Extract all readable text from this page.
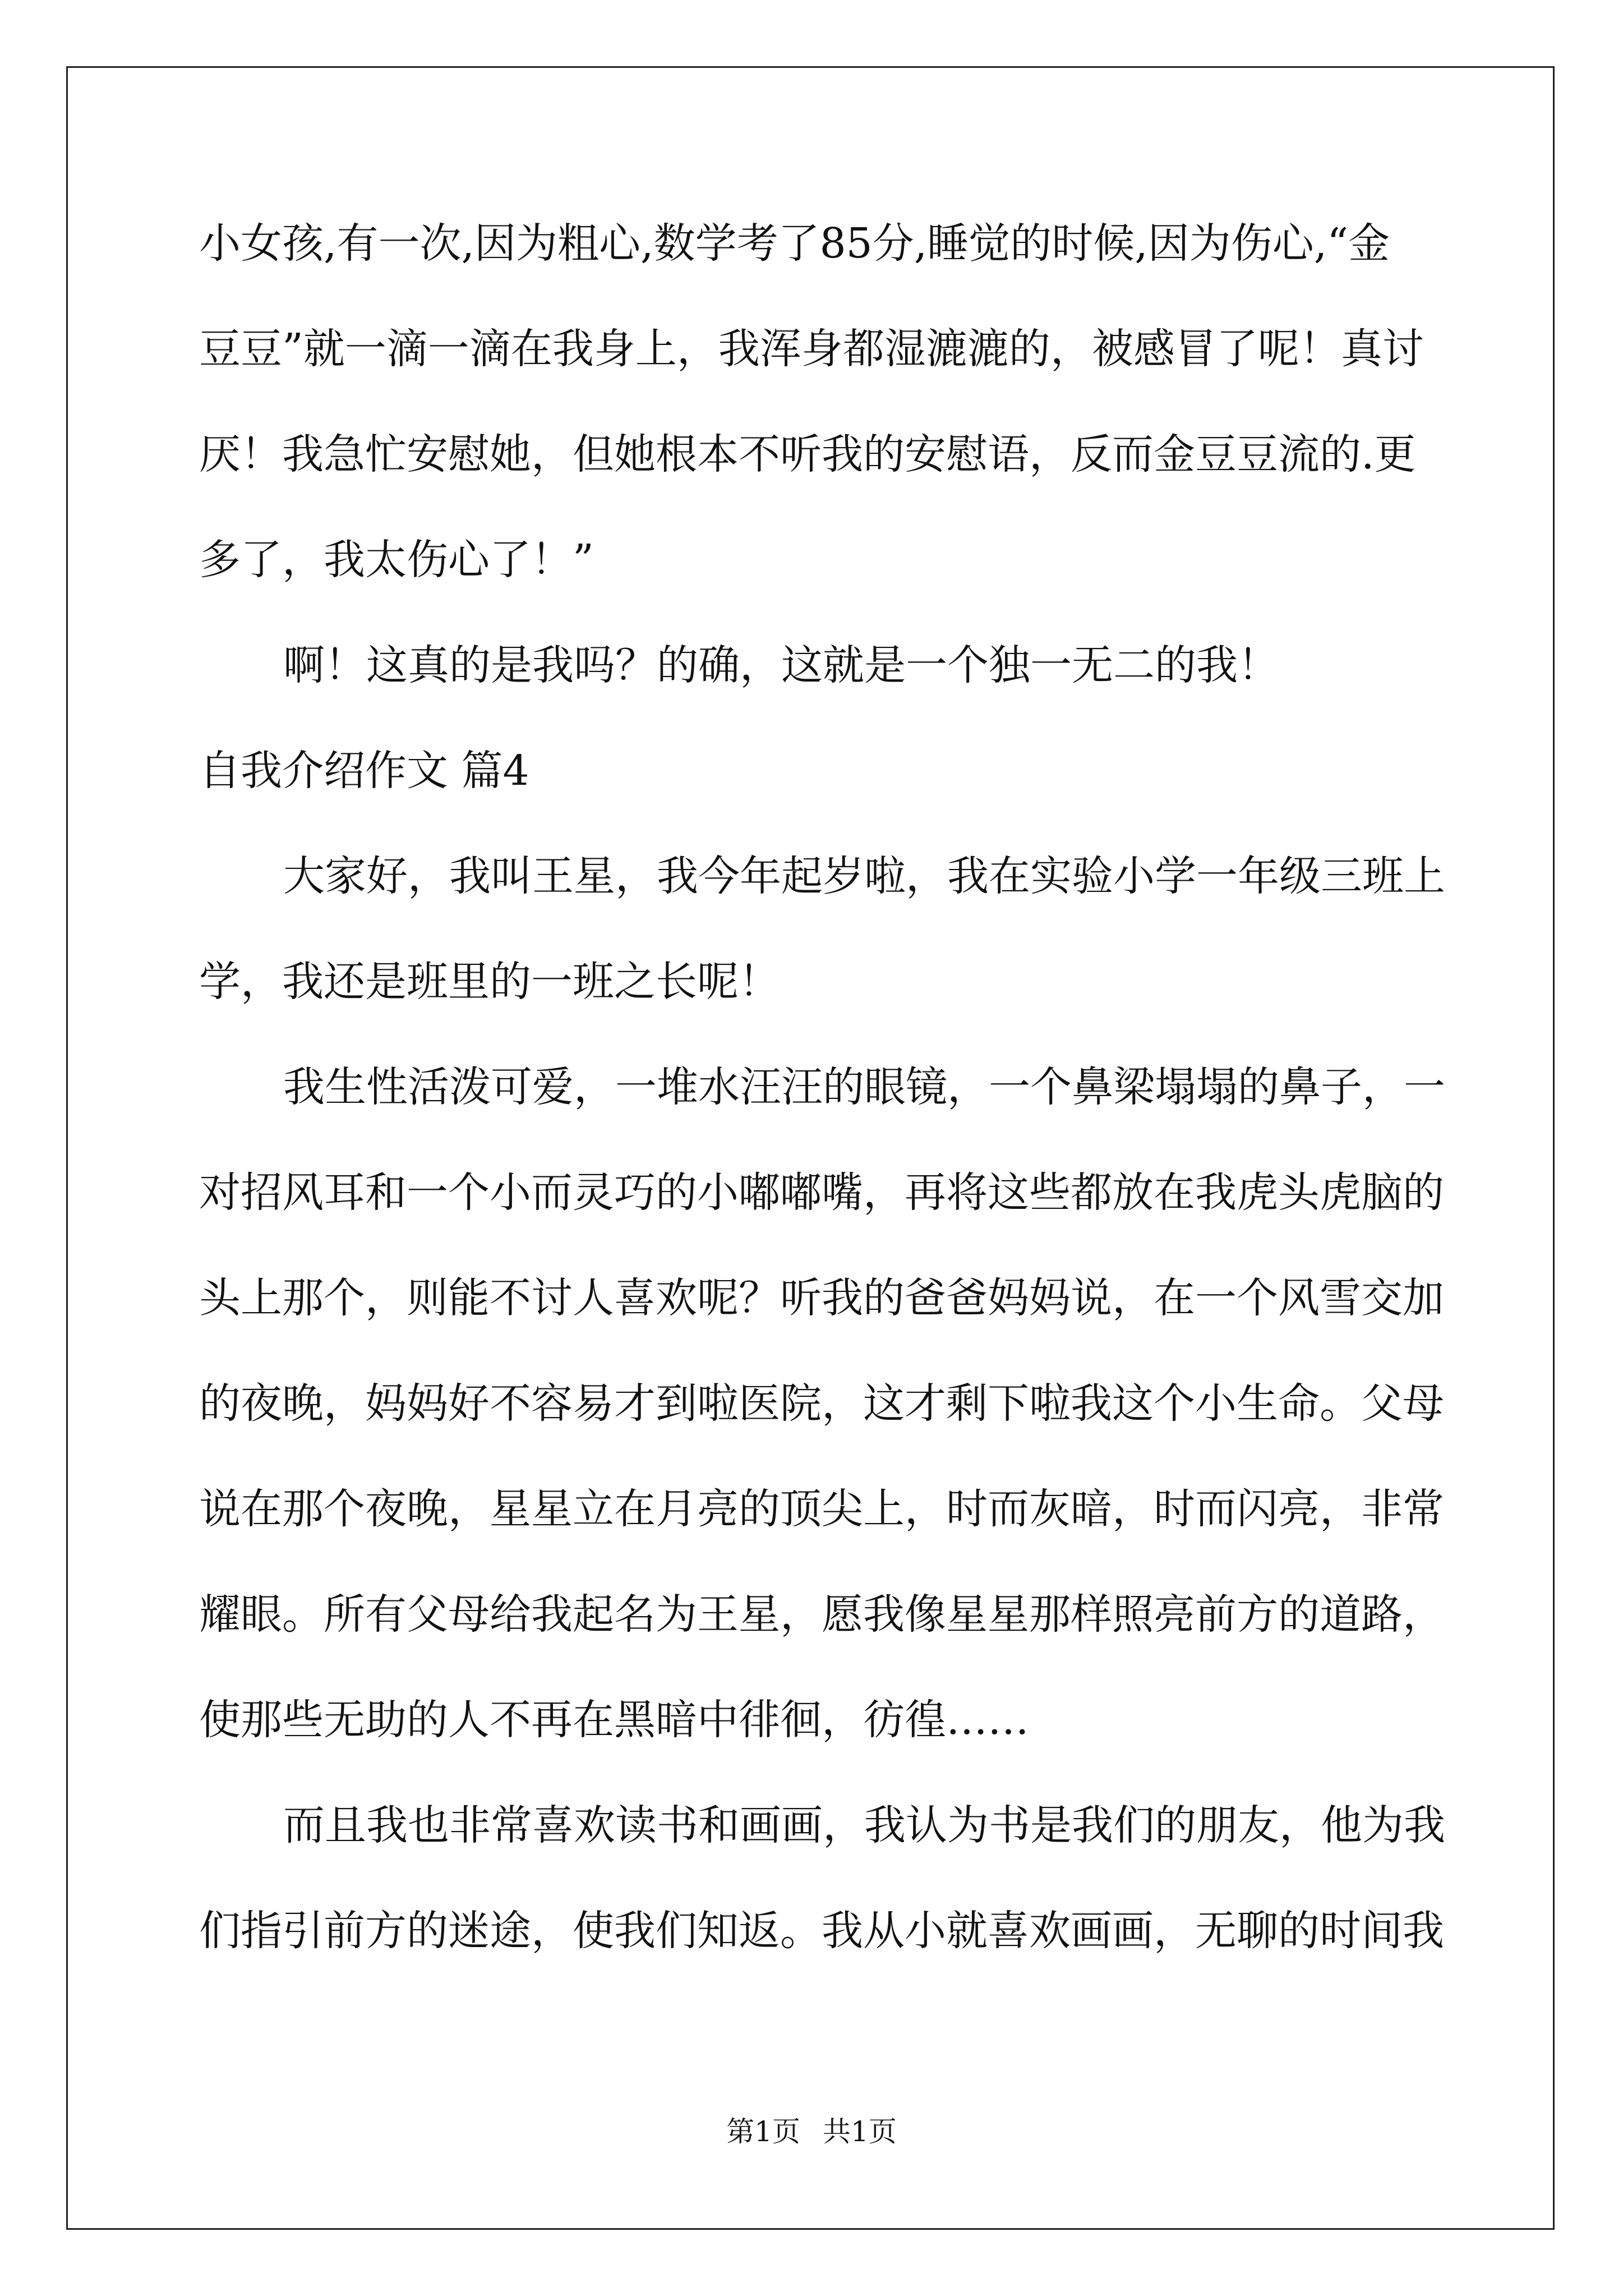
小女孩,有一次,因为粗心,数学考了85分,睡觉的时候,因为伤心,“金
豆豆”就一滴一滴在我身上，我浑身都湿漉漉的，被感冒了呢！真讨
厌！我急忙安慰她，但她根本不听我的安慰语，反而金豆豆流的.更
多了，我太伤心了！”
啊！这真的是我吗？的确，这就是一个独一无二的我！
自我介绍作文 篇4
大家好，我叫王星，我今年起岁啦，我在实验小学一年级三班上
学，我还是班里的一班之长呢！
我生性活泼可爱，一堆水汪汪的眼镜，一个鼻梁塌塌的鼻子，一
对招风耳和一个小而灵巧的小嘟嘟嘴，再将这些都放在我虎头虎脑的
头上那个，则能不讨人喜欢呢？听我的爸爸妈妈说，在一个风雪交加
的夜晚，妈妈好不容易才到啦医院，这才剩下啦我这个小生命。父母
说在那个夜晚，星星立在月亮的顶尖上，时而灰暗，时而闪亮，非常
耀眼。所有父母给我起名为王星，愿我像星星那样照亮前方的道路，
使那些无助的人不再在黑暗中徘徊，彷徨……
而且我也非常喜欢读书和画画，我认为书是我们的朋友，他为我
们指引前方的迷途，使我们知返。我从小就喜欢画画，无聊的时间我
第1页 共1页
